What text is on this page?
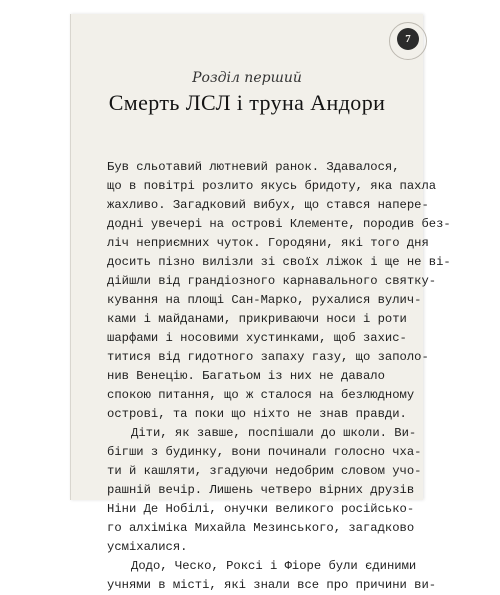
7
Розділ перший
Смерть ЛСЛ і труна Андори
Був сльотавий лютневий ранок. Здавалося,
що в повітрі розлито якусь бридоту, яка пахла
жахливо. Загадковий вибух, що стався напере-
додні увечері на острові Клементе, породив без-
ліч неприємних чуток. Городяни, які того дня
досить пізно вилізли зі своїх ліжок і ще не ві-
дійшли від грандіозного карнавального святку-
кування на площі Сан-Марко, рухалися вулич-
ками і майданами, прикриваючи носи і роти
шарфами і носовими хустинками, щоб захис-
титися від гидотного запаху газу, що заполо-
нив Венецію. Багатьом із них не давало
спокою питання, що ж сталося на безлюдному
острові, та поки що ніхто не знав правди.
Діти, як завше, поспішали до школи. Ви-
бігши з будинку, вони починали голосно чха-
ти й кашляти, згадуючи недобрим словом учо-
рашній вечір. Лишень четверо вірних друзів
Ніни Де Нобілі, онучки великого російсько-
го алхіміка Михайла Мезинського, загадково
усміхалися.
Додо, Ческо, Роксі і Фіоре були єдиними
учнями в місті, які знали все про причини ви-
